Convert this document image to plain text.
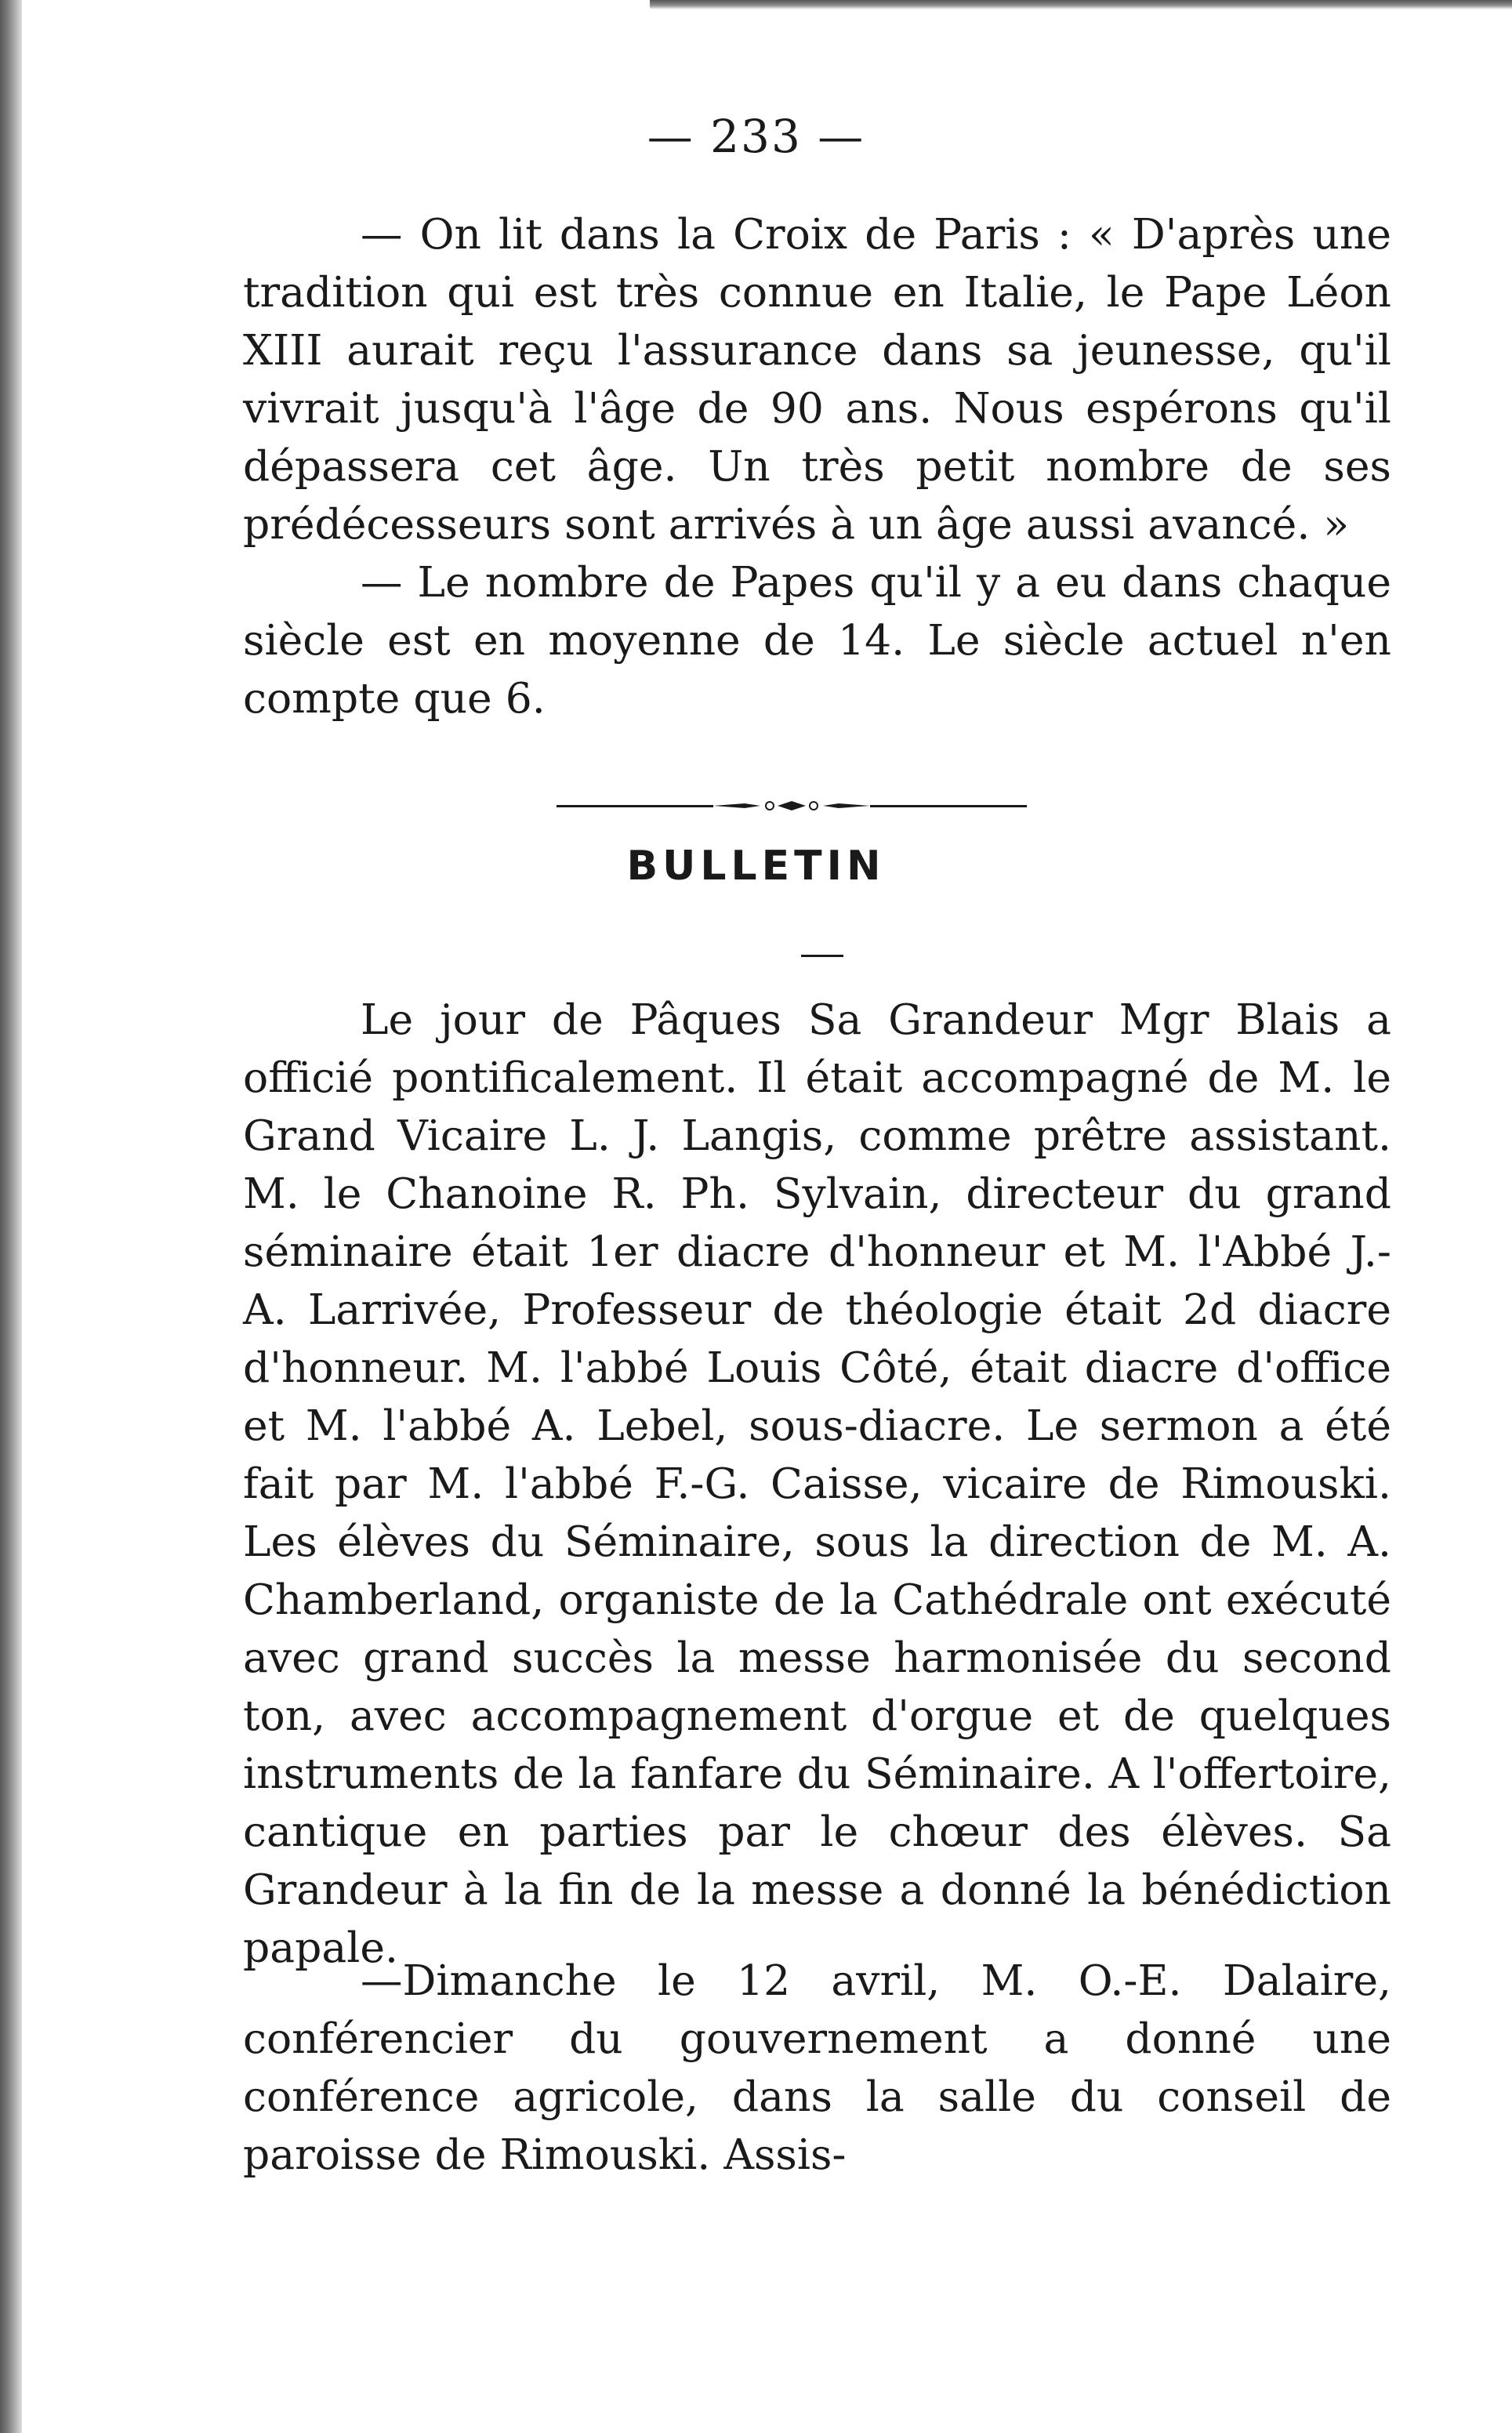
— 233 —

— On lit dans la Croix de Paris : « D'après une tradition qui est très connue en Italie, le Pape Léon XIII aurait reçu l'assurance dans sa jeunesse, qu'il vivrait jusqu'à l'âge de 90 ans. Nous espérons qu'il dépassera cet âge. Un très petit nombre de ses prédécesseurs sont arrivés à un âge aussi avancé. »

— Le nombre de Papes qu'il y a eu dans chaque siècle est en moyenne de 14. Le siècle actuel n'en compte que 6.

BULLETIN

Le jour de Pâques Sa Grandeur Mgr Blais a officié pontificalement. Il était accompagné de M. le Grand Vicaire L. J. Langis, comme prêtre assistant. M. le Chanoine R. Ph. Sylvain, directeur du grand séminaire était 1er diacre d'honneur et M. l'Abbé J.-A. Larrivée, Professeur de théologie était 2d diacre d'honneur. M. l'abbé Louis Côté, était diacre d'office et M. l'abbé A. Lebel, sous-diacre. Le sermon a été fait par M. l'abbé F.-G. Caisse, vicaire de Rimouski. Les élèves du Séminaire, sous la direction de M. A. Chamberland, organiste de la Cathédrale ont exécuté avec grand succès la messe harmonisée du second ton, avec accompagnement d'orgue et de quelques instruments de la fanfare du Séminaire. A l'offertoire, cantique en parties par le chœur des élèves. Sa Grandeur à la fin de la messe a donné la bénédiction papale.

—Dimanche le 12 avril, M. O.-E. Dalaire, conférencier du gouvernement a donné une conférence agricole, dans la salle du conseil de paroisse de Rimouski. Assis-
